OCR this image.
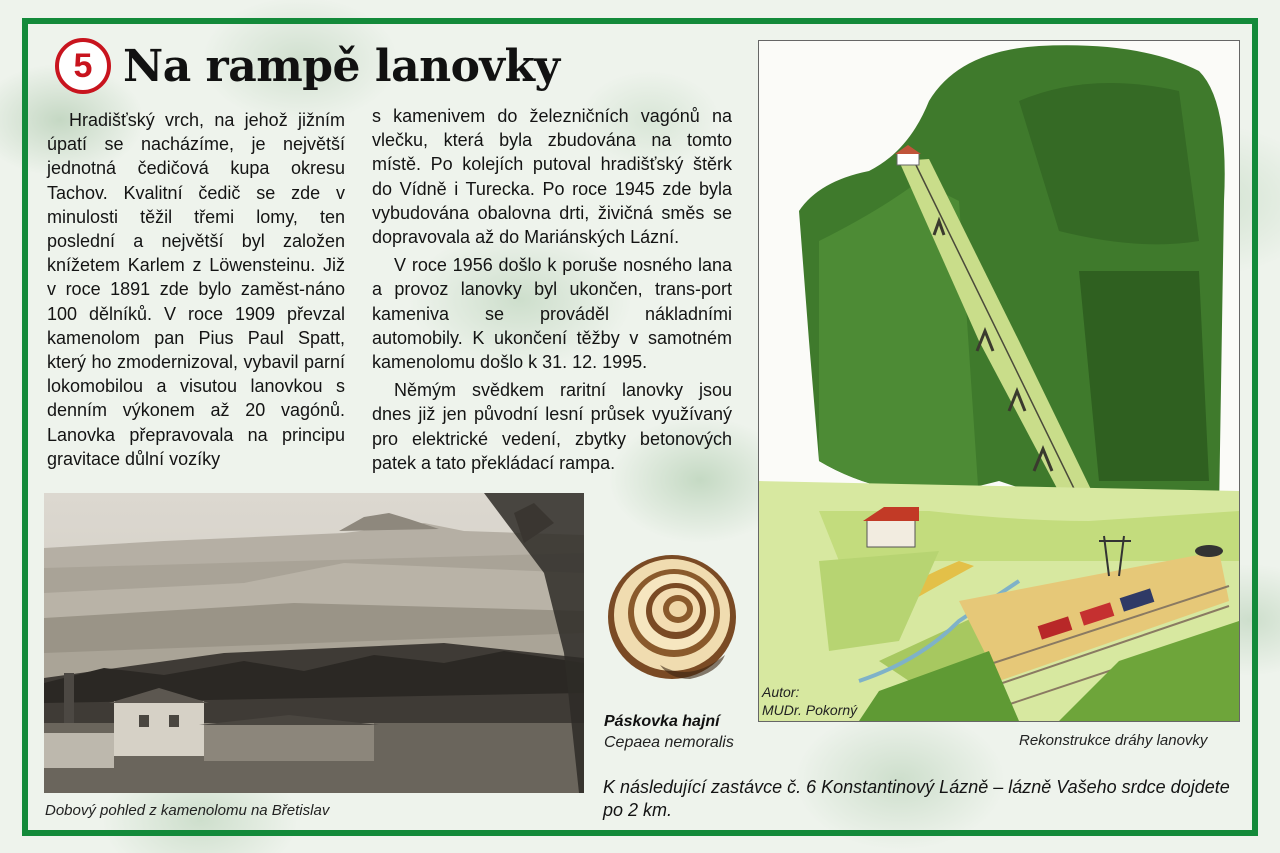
5 Na rampě lanovky

Hradišťský vrch, na jehož jižním úpatí se nacházíme, je největší jednotná čedičová kupa okresu Tachov. Kvalitní čedič se zde v minulosti těžil třemi lomy, ten poslední a největší byl založen knížetem Karlem z Löwensteinu. Již v roce 1891 zde bylo zaměst-náno 100 dělníků. V roce 1909 převzal kamenolom pan Pius Paul Spatt, který ho zmodernizoval, vybavil parní lokomobilou a visutou lanovkou s denním výkonem až 20 vagónů. Lanovka přepravovala na principu gravitace důlní vozíky

s kamenivem do železničních vagónů na vlečku, která byla zbudována na tomto místě. Po kolejích putoval hradišťský štěrk do Vídně i Turecka. Po roce 1945 zde byla vybudována obalovna drti, živičná směs se dopravovala až do Mariánských Lázní.

V roce 1956 došlo k poruše nosného lana a provoz lanovky byl ukončen, trans-port kameniva se prováděl nákladními automobily. K ukončení těžby v samotném kamenolomu došlo k 31. 12. 1995.

Němým svědkem raritní lanovky jsou dnes již jen původní lesní průsek využívaný pro elektrické vedení, zbytky betonových patek a tato překládací rampa.

Dobový pohled z kamenolomu na Břetislav
Páskovka hajní
Cepaea nemoralis
Autor:
MUDr. Pokorný
Rekonstrukce dráhy lanovky
K následující zastávce č. 6 Konstantinový Lázně – lázně Vašeho srdce dojdete po 2 km.
